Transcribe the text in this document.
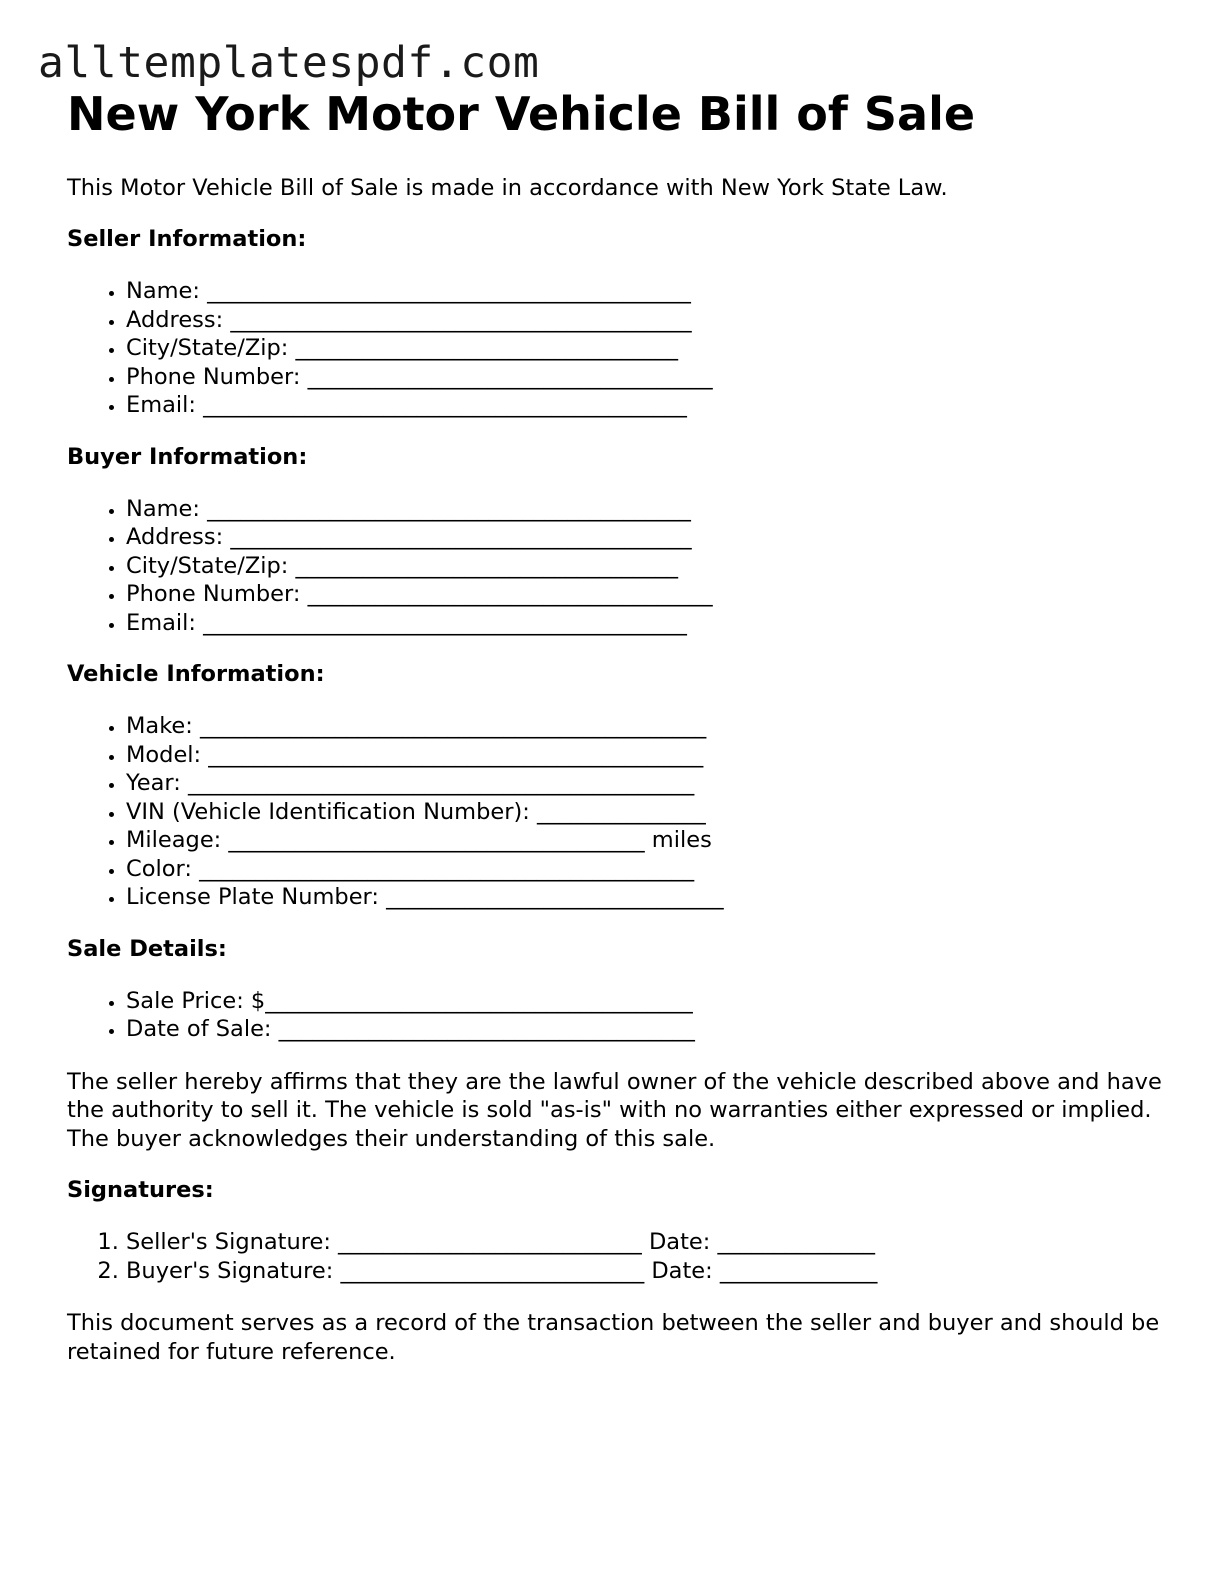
alltemplatespdf.com
New York Motor Vehicle Bill of Sale

This Motor Vehicle Bill of Sale is made in accordance with New York State Law.

Seller Information:
• Name: ___________________________________________
• Address: _________________________________________
• City/State/Zip: __________________________________
• Phone Number: ____________________________________
• Email: ___________________________________________
Buyer Information:
• Name: ___________________________________________
• Address: _________________________________________
• City/State/Zip: __________________________________
• Phone Number: ____________________________________
• Email: ___________________________________________
Vehicle Information:
• Make: _____________________________________________
• Model: ____________________________________________
• Year: _____________________________________________
• VIN (Vehicle Identification Number): _______________
• Mileage: _____________________________________ miles
• Color: ____________________________________________
• License Plate Number: ______________________________
Sale Details:
• Sale Price: $______________________________________
• Date of Sale: _____________________________________

The seller hereby affirms that they are the lawful owner of the vehicle described above and have the authority to sell it. The vehicle is sold "as-is" with no warranties either expressed or implied. The buyer acknowledges their understanding of this sale.

Signatures:
1. Seller's Signature: ___________________________ Date: ______________
2. Buyer's Signature: ___________________________ Date: ______________

This document serves as a record of the transaction between the seller and buyer and should be retained for future reference.
